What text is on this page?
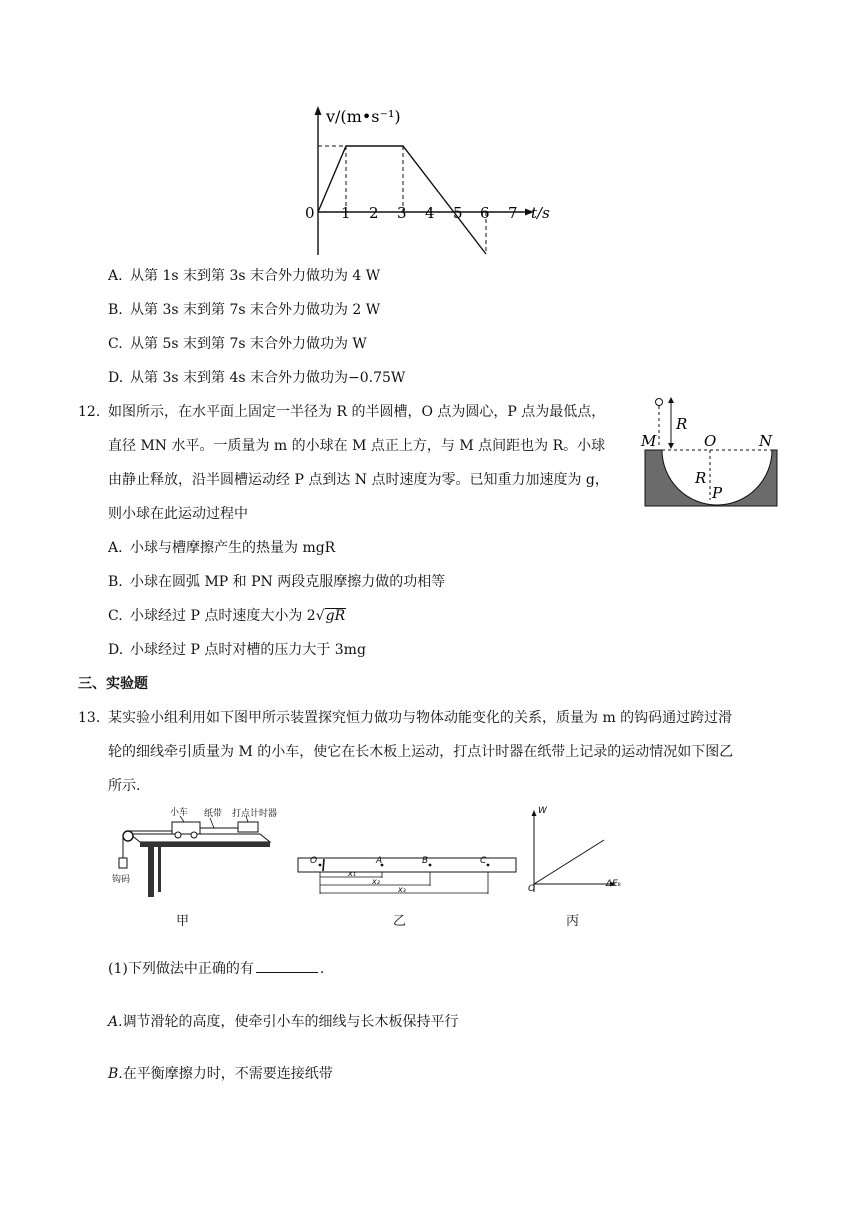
v/(m•s⁻¹)
0 1 2 3 4 5 6 7 t/s
A. 从第 1s 末到第 3s 末合外力做功为 4 W
B. 从第 3s 末到第 7s 末合外力做功为 2 W
C. 从第 5s 末到第 7s 末合外力做功为 W
D. 从第 3s 末到第 4s 末合外力做功为−0.75W
12. 如图所示，在水平面上固定一半径为 R 的半圆槽，O 点为圆心，P 点为最低点，
直径 MN 水平。一质量为 m 的小球在 M 点正上方，与 M 点间距也为 R。小球
由静止释放，沿半圆槽运动经 P 点到达 N 点时速度为零。已知重力加速度为 g，
则小球在此运动过程中
R
M	O	N
R
P
A. 小球与槽摩擦产生的热量为 mgR
B. 小球在圆弧 MP 和 PN 两段克服摩擦力做的功相等
C. 小球经过 P 点时速度大小为 2√gR
D. 小球经过 P 点时对槽的压力大于 3mg
三、实验题
13. 某实验小组利用如下图甲所示装置探究恒力做功与物体动能变化的关系，质量为 m 的钩码通过跨过滑
轮的细线牵引质量为 M 的小车，使它在长木板上运动，打点计时器在纸带上记录的运动情况如下图乙
所示.
小车 纸带 打点计时器
钩码
甲
O	A	B	C
x₁
x₂
x₃
乙
W
O	ΔEₖ
丙
(1)下列做法中正确的有	.
A.调节滑轮的高度，使牵引小车的细线与长木板保持平行
B.在平衡摩擦力时，不需要连接纸带
